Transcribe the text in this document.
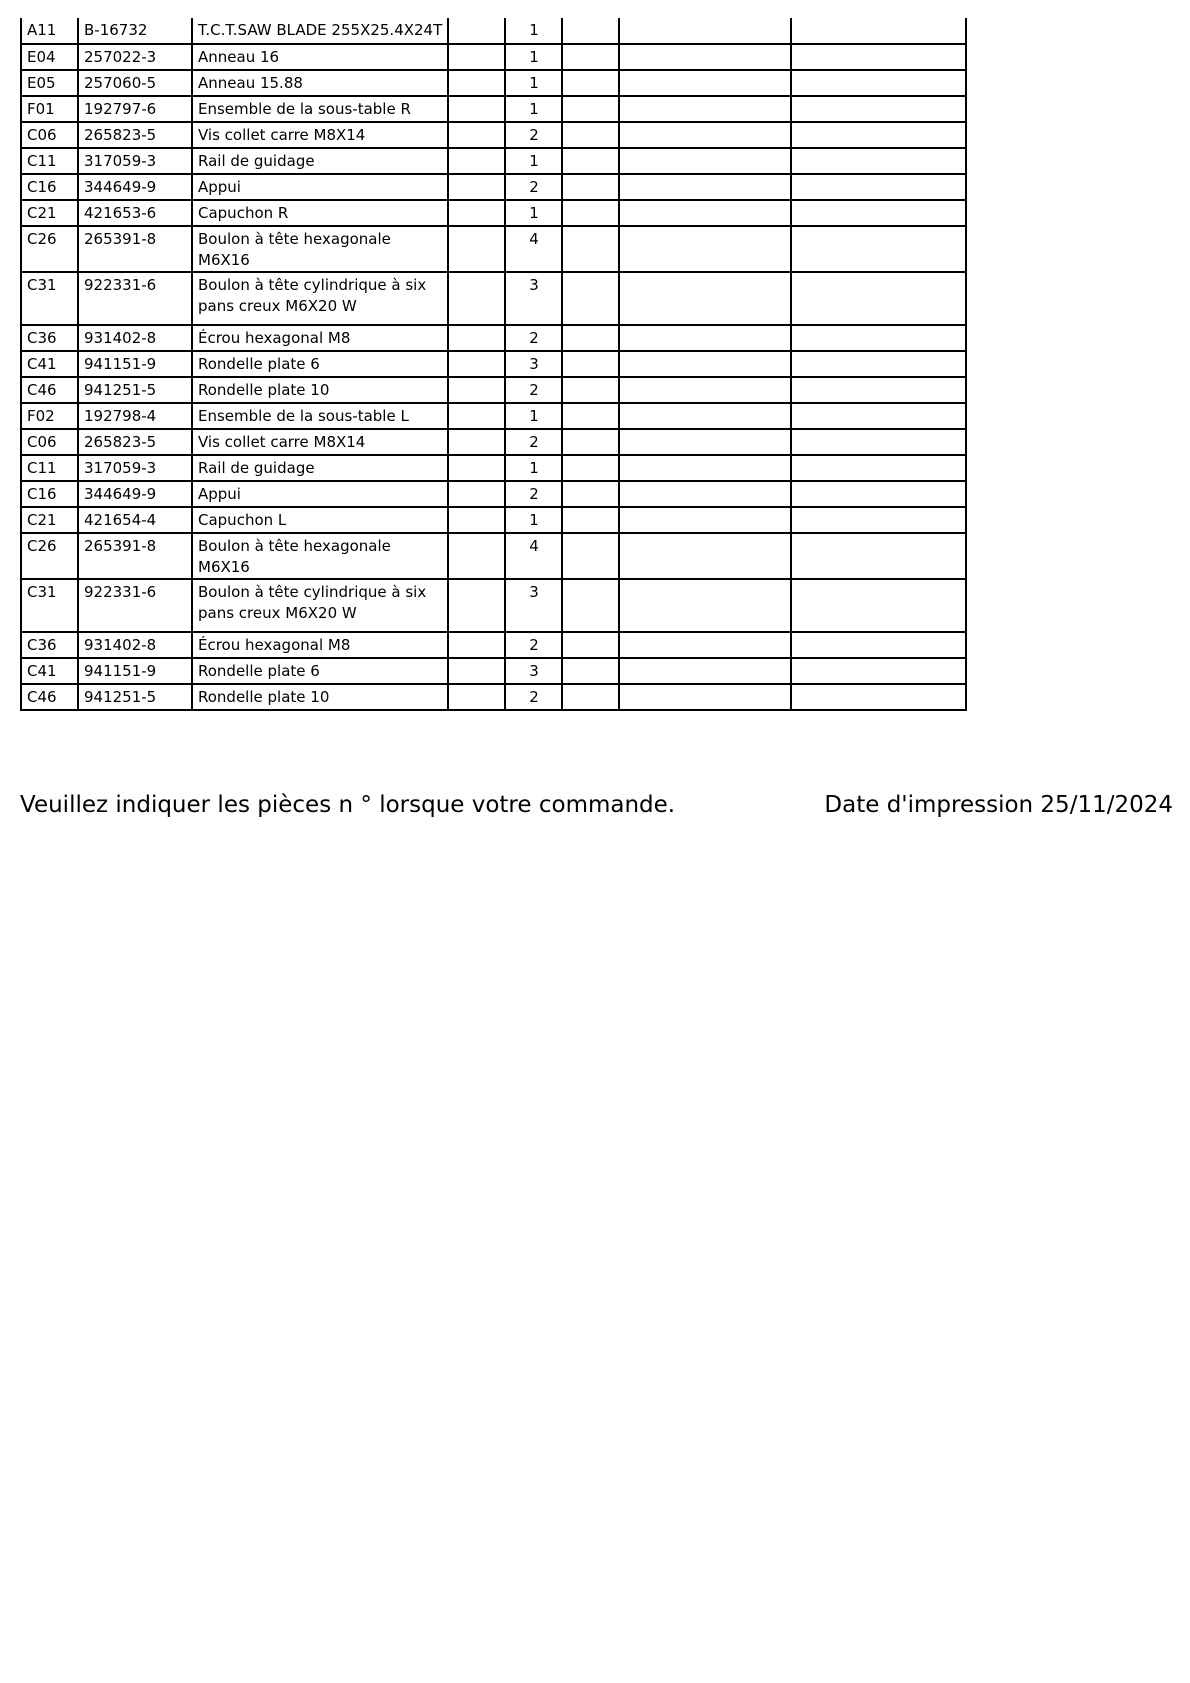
A11	B-16732	T.C.T.SAW BLADE 255X25.4X24T		1			
E04	257022-3	Anneau 16		1			
E05	257060-5	Anneau 15.88		1			
F01	192797-6	Ensemble de la sous-table R		1			
C06	265823-5	Vis collet carre M8X14		2			
C11	317059-3	Rail de guidage		1			
C16	344649-9	Appui		2			
C21	421653-6	Capuchon R		1			
C26	265391-8	Boulon à tête hexagonale M6X16		4			
C31	922331-6	Boulon à tête cylindrique à six pans creux M6X20 W		3			
C36	931402-8	Écrou hexagonal M8		2			
C41	941151-9	Rondelle plate 6		3			
C46	941251-5	Rondelle plate 10		2			
F02	192798-4	Ensemble de la sous-table L		1			
C06	265823-5	Vis collet carre M8X14		2			
C11	317059-3	Rail de guidage		1			
C16	344649-9	Appui		2			
C21	421654-4	Capuchon L		1			
C26	265391-8	Boulon à tête hexagonale M6X16		4			
C31	922331-6	Boulon à tête cylindrique à six pans creux M6X20 W		3			
C36	931402-8	Écrou hexagonal M8		2			
C41	941151-9	Rondelle plate 6		3			
C46	941251-5	Rondelle plate 10		2			
Veuillez indiquer les pièces n ° lorsque votre commande.	Date d'impression 25/11/2024
